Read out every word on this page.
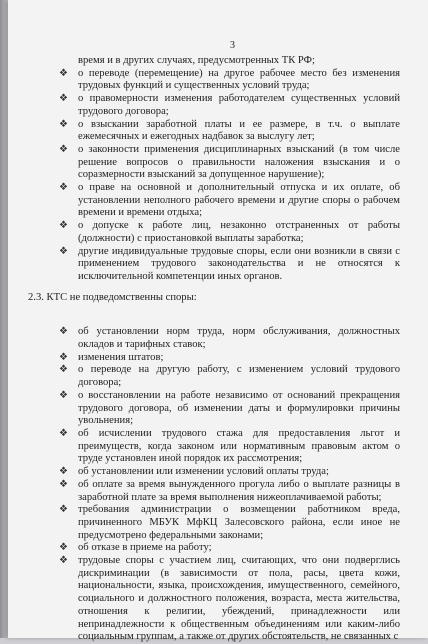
3

время и в других случаях, предусмотренных ТК РФ;

❖ о переводе (перемещение) на другое рабочее место без изменения трудовых функций и существенных условий труда;
❖ о правомерности изменения работодателем существенных условий трудового договора;
❖ о взыскании заработной платы и ее размере, в т.ч. о выплате ежемесячных и ежегодных надбавок за выслугу лет;
❖ о законности применения дисциплинарных взысканий (в том числе решение вопросов о правильности наложения взыскания и о соразмерности взысканий за допущенное нарушение);
❖ о праве на основной и дополнительный отпуска и их оплате, об установлении неполного рабочего времени и другие споры о рабочем времени и времени отдыха;
❖ о допуске к работе лиц, незаконно отстраненных от работы (должности) с приостановкой выплаты заработка;
❖ другие индивидуальные трудовые споры, если они возникли в связи с применением трудового законодательства и не относятся к исключительной компетенции иных органов.

2.3. КТС не подведомственны споры:

❖ об установлении норм труда, норм обслуживания, должностных окладов и тарифных ставок;
❖ изменения штатов;
❖ о переводе на другую работу, с изменением условий трудового договора;
❖ о восстановлении на работе независимо от оснований прекращения трудового договора, об изменении даты и формулировки причины увольнения;
❖ об исчислении трудового стажа для предоставления льгот и преимуществ, когда законом или нормативным правовым актом о труде установлен иной порядок их рассмотрения;
❖ об установлении или изменении условий оплаты труда;
❖ об оплате за время вынужденного прогула либо о выплате разницы в заработной плате за время выполнения нижеоплачиваемой работы;
❖ требования администрации о возмещении работником вреда, причиненного МБУК МфКЦ Залесовского района, если иное не предусмотрено федеральными законами;
❖ об отказе в приеме на работу;
❖ трудовые споры с участием лиц, считающих, что они подверглись дискриминации (в зависимости от пола, расы, цвета кожи, национальности, языка, происхождения, имущественного, семейного, социального и должностного положения, возраста, места жительства, отношения к религии, убеждений, принадлежности или непринадлежности к общественным объединениям или каким-либо социальным группам, а также от других обстоятельств, не связанных с
